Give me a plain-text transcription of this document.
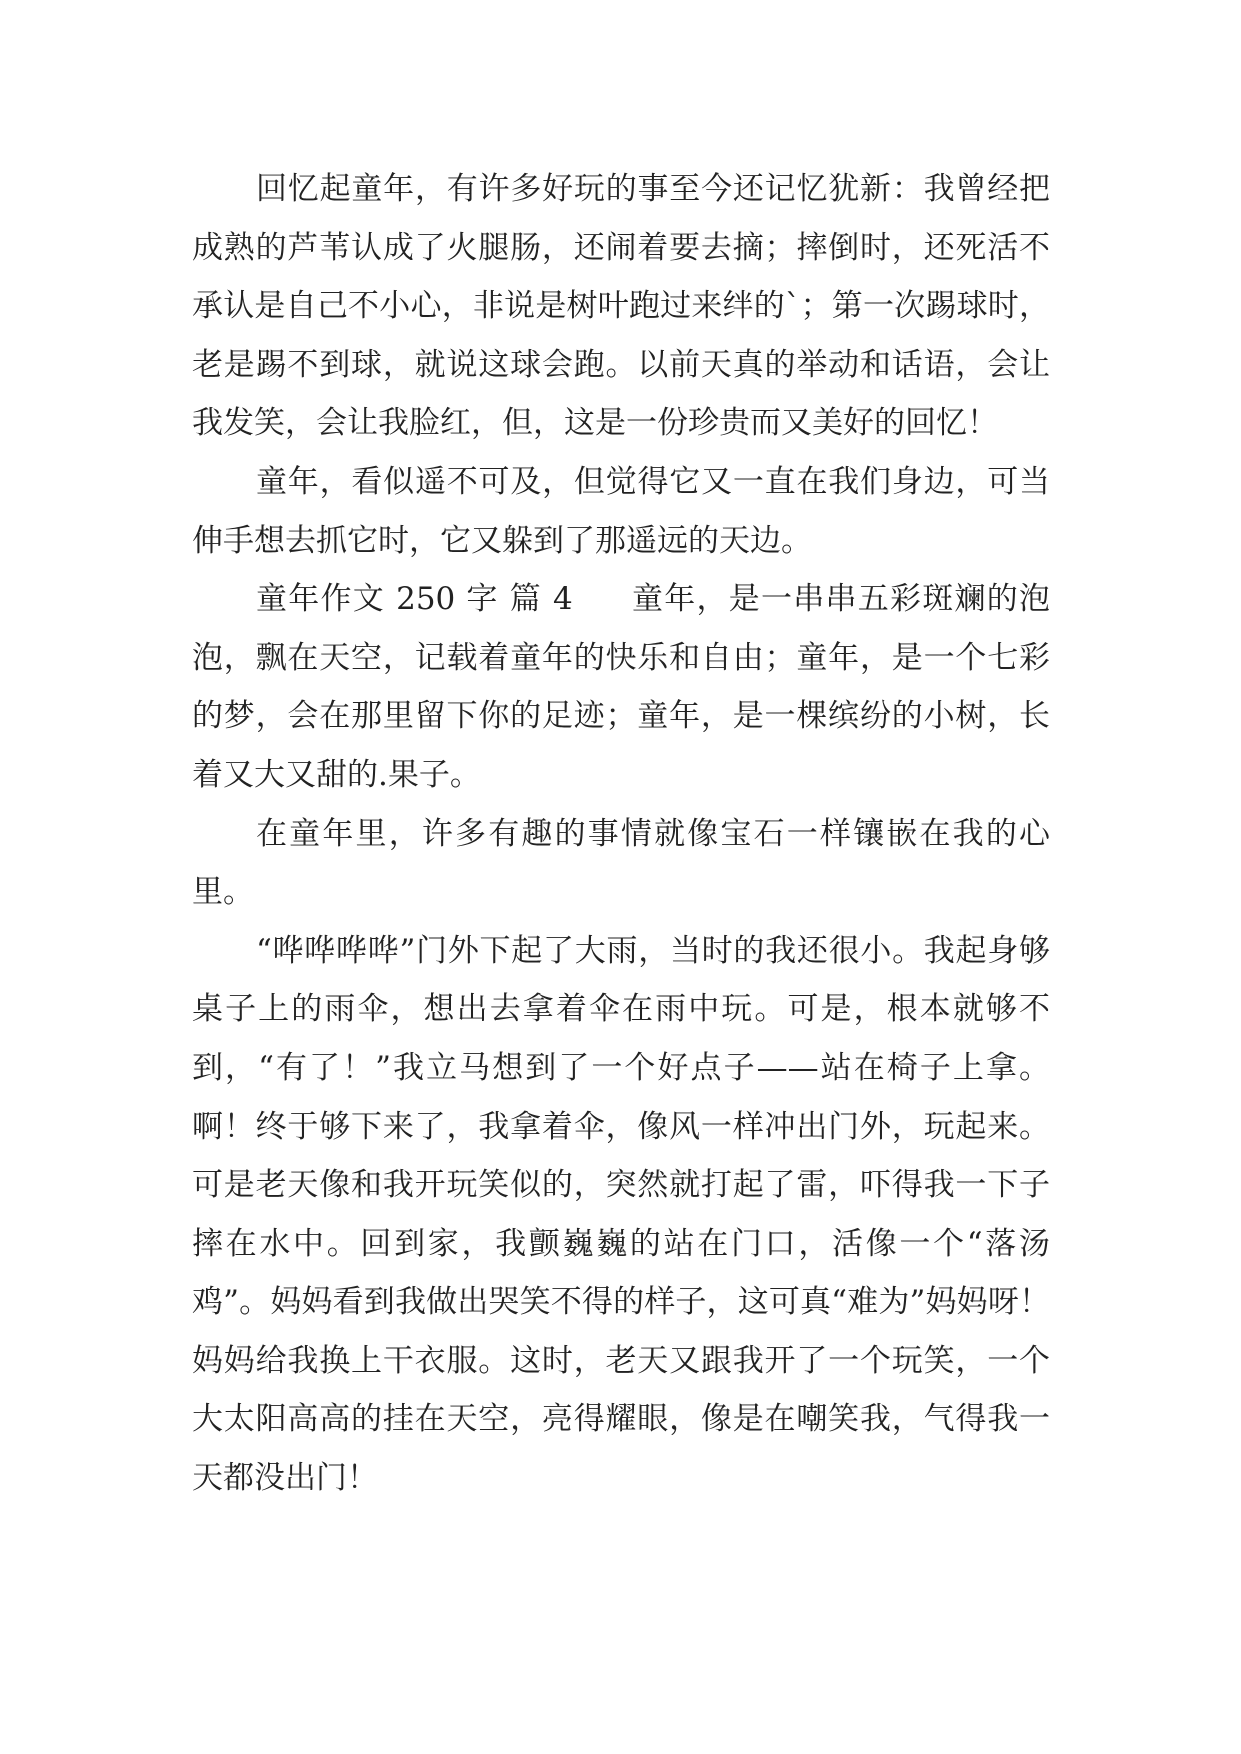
回忆起童年，有许多好玩的事至今还记忆犹新：我曾经把成熟的芦苇认成了火腿肠，还闹着要去摘；摔倒时，还死活不承认是自己不小心，非说是树叶跑过来绊的`；第一次踢球时，老是踢不到球，就说这球会跑。以前天真的举动和话语，会让我发笑，会让我脸红，但，这是一份珍贵而又美好的回忆！

童年，看似遥不可及，但觉得它又一直在我们身边，可当伸手想去抓它时，它又躲到了那遥远的天边。

童年作文 250 字 篇 4 童年，是一串串五彩斑斓的泡泡，飘在天空，记载着童年的快乐和自由；童年，是一个七彩的梦，会在那里留下你的足迹；童年，是一棵缤纷的小树，长着又大又甜的.果子。

在童年里，许多有趣的事情就像宝石一样镶嵌在我的心里。

“哗哗哗哗”门外下起了大雨，当时的我还很小。我起身够桌子上的雨伞，想出去拿着伞在雨中玩。可是，根本就够不到，“有了！”我立马想到了一个好点子——站在椅子上拿。啊！终于够下来了，我拿着伞，像风一样冲出门外，玩起来。可是老天像和我开玩笑似的，突然就打起了雷，吓得我一下子摔在水中。回到家，我颤巍巍的站在门口，活像一个“落汤鸡”。妈妈看到我做出哭笑不得的样子，这可真“难为”妈妈呀！妈妈给我换上干衣服。这时，老天又跟我开了一个玩笑，一个大太阳高高的挂在天空，亮得耀眼，像是在嘲笑我，气得我一天都没出门！
